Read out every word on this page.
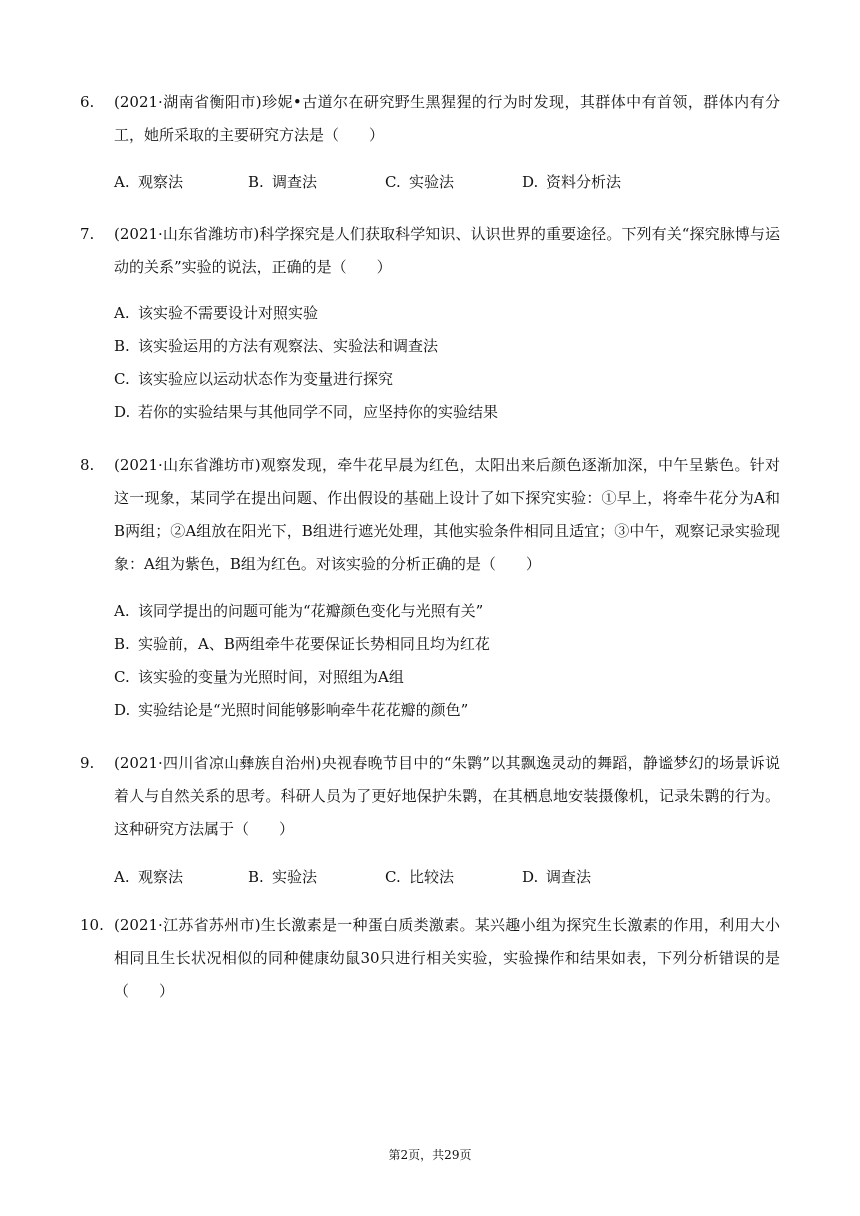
6.	(2021·湖南省衡阳市)珍妮•古道尔在研究野生黑猩猩的行为时发现，其群体中有首领，群体内有分工，她所采取的主要研究方法是（　　）
A. 观察法	B. 调查法	C. 实验法	D. 资料分析法
7.	(2021·山东省潍坊市)科学探究是人们获取科学知识、认识世界的重要途径。下列有关“探究脉博与运动的关系”实验的说法，正确的是（　　）
A. 该实验不需要设计对照实验
B. 该实验运用的方法有观察法、实验法和调查法
C. 该实验应以运动状态作为变量进行探究
D. 若你的实验结果与其他同学不同，应坚持你的实验结果
8.	(2021·山东省潍坊市)观察发现，牵牛花早晨为红色，太阳出来后颜色逐渐加深，中午呈紫色。针对这一现象，某同学在提出问题、作出假设的基础上设计了如下探究实验：①早上，将牵牛花分为A和B两组；②A组放在阳光下，B组进行遮光处理，其他实验条件相同且适宜；③中午，观察记录实验现象：A组为紫色，B组为红色。对该实验的分析正确的是（　　）
A. 该同学提出的问题可能为“花瓣颜色变化与光照有关”
B. 实验前，A、B两组牵牛花要保证长势相同且均为红花
C. 该实验的变量为光照时间，对照组为A组
D. 实验结论是“光照时间能够影响牵牛花花瓣的颜色”
9.	(2021·四川省凉山彝族自治州)央视春晚节目中的“朱鹮”以其飘逸灵动的舞蹈，静谧梦幻的场景诉说着人与自然关系的思考。科研人员为了更好地保护朱鹮，在其栖息地安装摄像机，记录朱鹮的行为。这种研究方法属于（　　）
A. 观察法	B. 实验法	C. 比较法	D. 调查法
10. (2021·江苏省苏州市)生长激素是一种蛋白质类激素。某兴趣小组为探究生长激素的作用，利用大小相同且生长状况相似的同种健康幼鼠30只进行相关实验，实验操作和结果如表，下列分析错误的是（　　）
第2页，共29页
